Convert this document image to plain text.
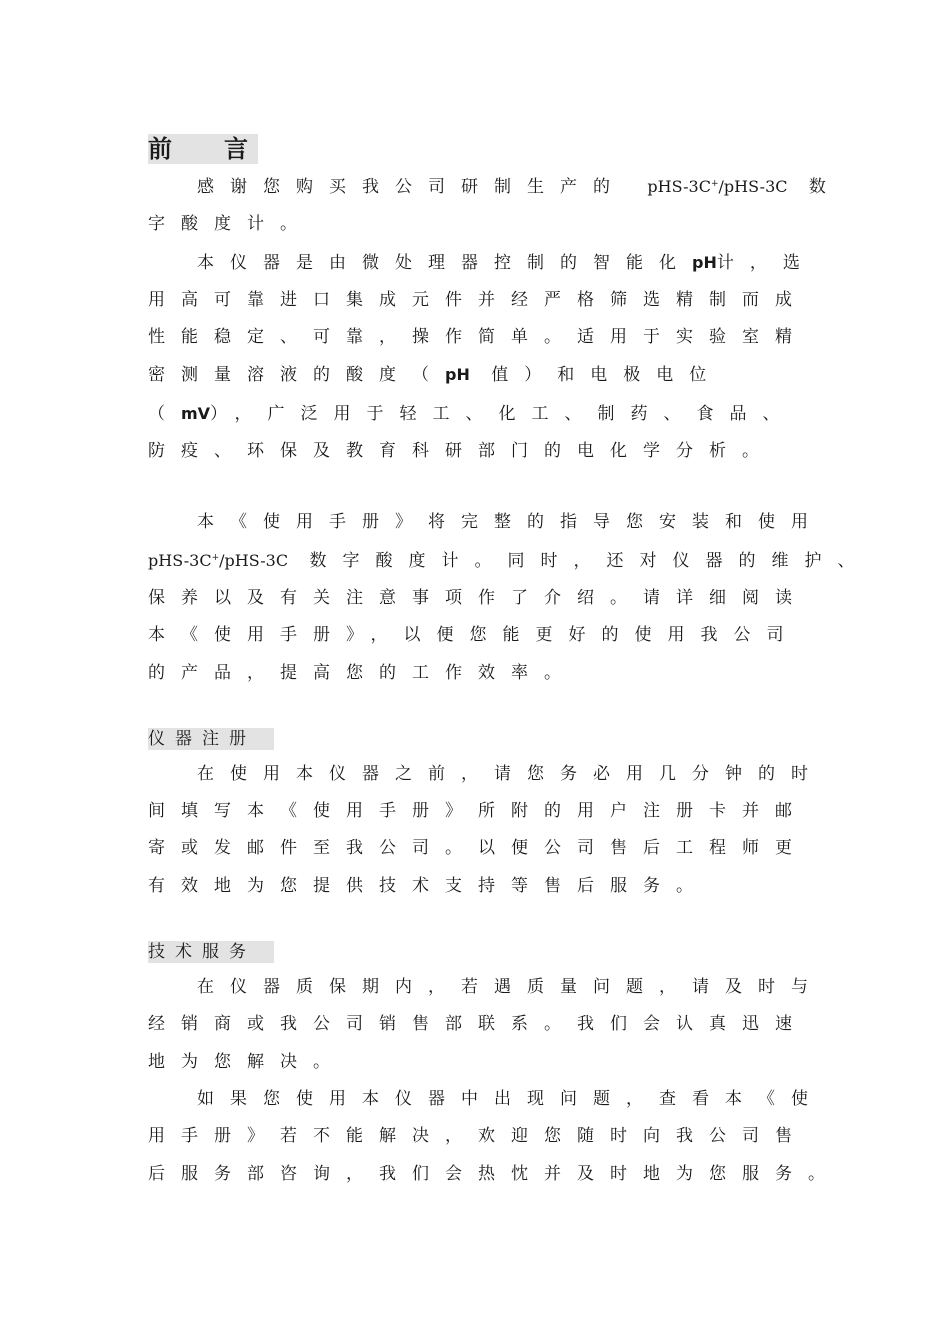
前 言

感谢您购买我公司研制生产的 pHS-3C+/pHS-3C 数

字酸度计。

本仪器是由微处理器控制的智能化pH计，选

用高可靠进口集成元件并经严格筛选精制而成

性能稳定、可靠，操作简单。适用于实验室精

密测量溶液的酸度（pH 值）和电极电位

（mV），广泛用于轻工、化工、制药、食品、

防疫、环保及教育科研部门的电化学分析。

本《使用手册》将完整的指导您安装和使用

pHS-3C+/pHS-3C 数字酸度计。同时，还对仪器的维护、

保养以及有关注意事项作了介绍。请详细阅读

本《使用手册》，以便您能更好的使用我公司

的产品，提高您的工作效率。

仪器注册

在使用本仪器之前，请您务必用几分钟的时

间填写本《使用手册》所附的用户注册卡并邮

寄或发邮件至我公司。以便公司售后工程师更

有效地为您提供技术支持等售后服务。

技术服务

在仪器质保期内，若遇质量问题，请及时与

经销商或我公司销售部联系。我们会认真迅速

地为您解决。

如果您使用本仪器中出现问题，查看本《使

用手册》若不能解决，欢迎您随时向我公司售

后服务部咨询，我们会热忱并及时地为您服务。
